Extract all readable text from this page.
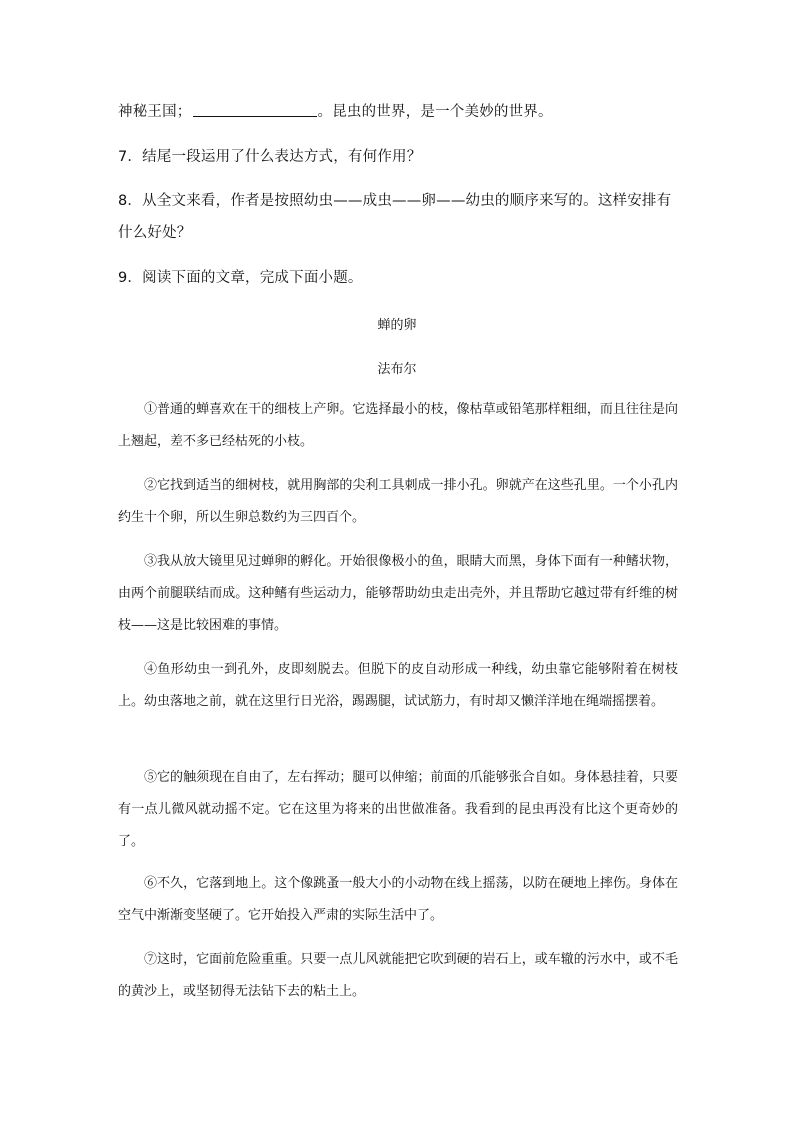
神秘王国；	。昆虫的世界，是一个美妙的世界。
7．结尾一段运用了什么表达方式，有何作用？
8．从全文来看，作者是按照幼虫——成虫——卵——幼虫的顺序来写的。这样安排有什么好处？
9．阅读下面的文章，完成下面小题。
蝉的卵
法布尔
①普通的蝉喜欢在干的细枝上产卵。它选择最小的枝，像枯草或铅笔那样粗细，而且往往是向上翘起，差不多已经枯死的小枝。
②它找到适当的细树枝，就用胸部的尖利工具刺成一排小孔。卵就产在这些孔里。一个小孔内约生十个卵，所以生卵总数约为三四百个。
③我从放大镜里见过蝉卵的孵化。开始很像极小的鱼，眼睛大而黑，身体下面有一种鳍状物，由两个前腿联结而成。这种鳍有些运动力，能够帮助幼虫走出壳外，并且帮助它越过带有纤维的树枝——这是比较困难的事情。
④鱼形幼虫一到孔外，皮即刻脱去。但脱下的皮自动形成一种线，幼虫靠它能够附着在树枝上。幼虫落地之前，就在这里行日光浴，踢踢腿，试试筋力，有时却又懒洋洋地在绳端摇摆着。
⑤它的触须现在自由了，左右挥动；腿可以伸缩；前面的爪能够张合自如。身体悬挂着，只要有一点儿微风就动摇不定。它在这里为将来的出世做准备。我看到的昆虫再没有比这个更奇妙的了。
⑥不久，它落到地上。这个像跳蚤一般大小的小动物在线上摇荡，以防在硬地上摔伤。身体在空气中渐渐变坚硬了。它开始投入严肃的实际生活中了。
⑦这时，它面前危险重重。只要一点儿风就能把它吹到硬的岩石上，或车辙的污水中，或不毛的黄沙上，或坚韧得无法钻下去的粘土上。
